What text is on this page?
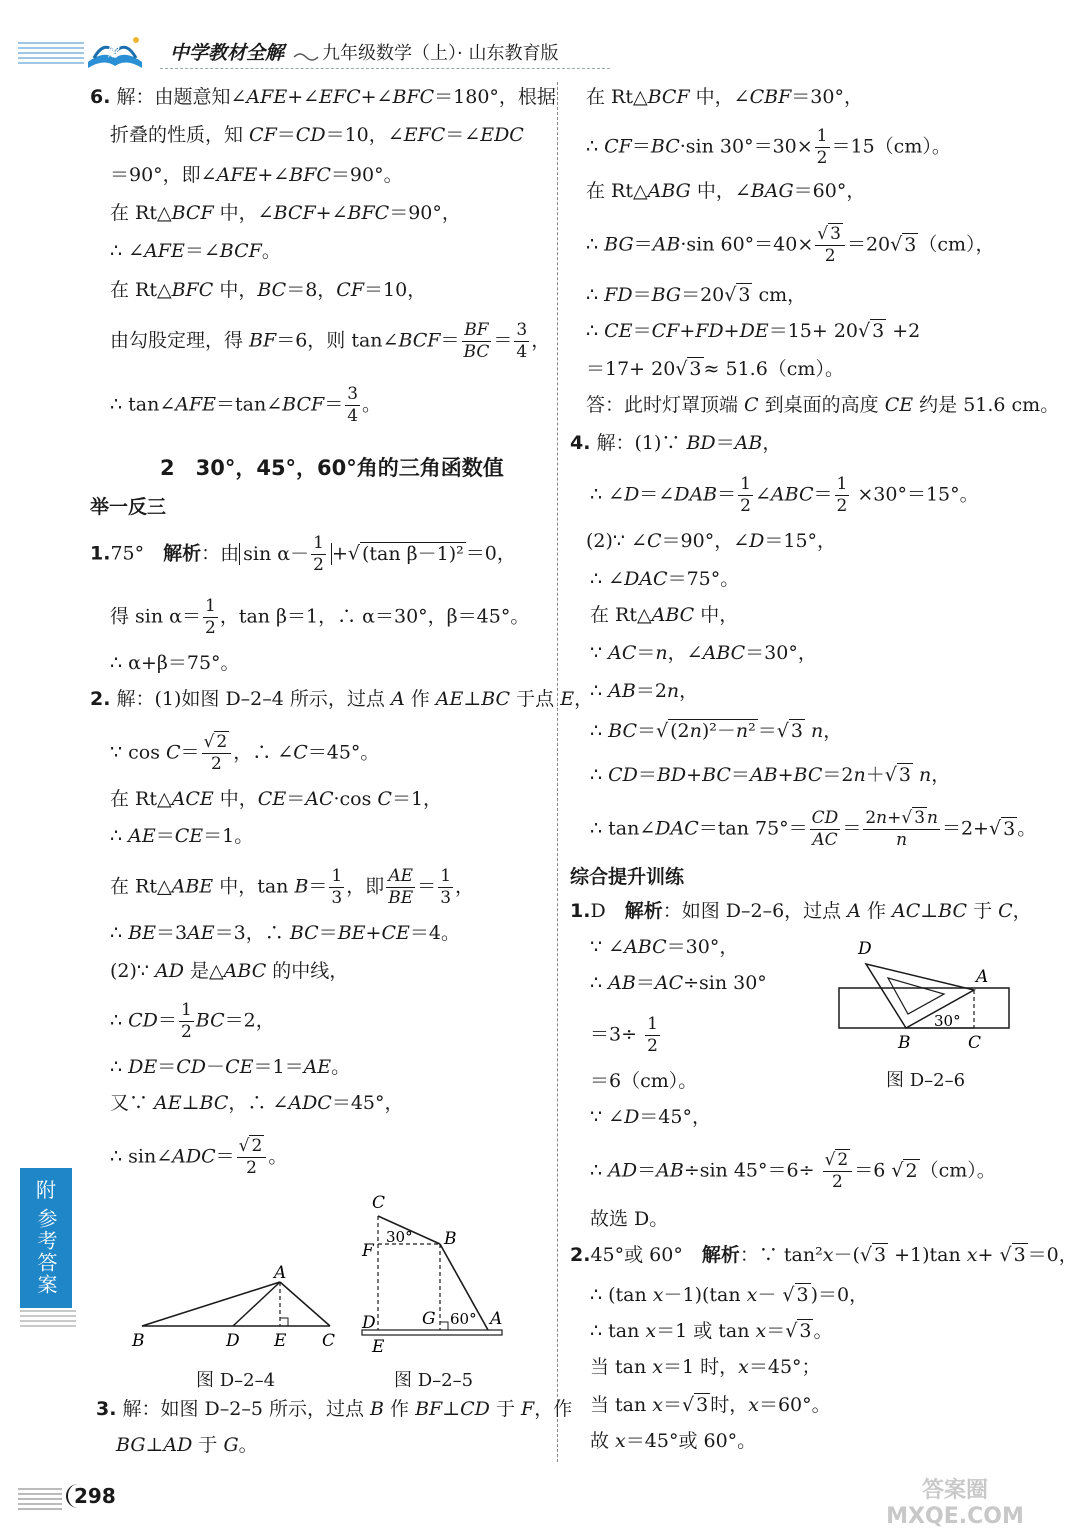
解	中学教材全解 九年级数学（上）· 山东教育版
6. 解：由题意知∠AFE+∠EFC+∠BFC＝180°，根据
折叠的性质，知 CF＝CD＝10，∠EFC＝∠EDC
＝90°，即∠AFE+∠BFC＝90°。
在 Rt△BCF 中，∠BCF+∠BFC＝90°，
∴ ∠AFE＝∠BCF。
在 Rt△BFC 中，BC＝8，CF＝10，
由勾股定理，得 BF＝6，则 tan∠BCF＝ $\frac{BF}{BC} = \frac{3}{4}$ ，
∴ tan∠AFE＝tan∠BCF＝ $\frac{3}{4}$ 。
2　30°，45°，60°角的三角函数值
举一反三
1.75°　解析：由 $\sin \alpha- \frac{1}{2}$ +√ (tan β－1)² ＝0，
得 $\sin \alpha= \frac{1}{2}$ ，tan β＝1，∴ α＝30°，β＝45°。
∴ α+β＝75°。
2. 解：(1)如图 D–2–4 所示，过点 A 作 AE⊥BC 于点 E，
∵ $\cos C= \frac{√ 2}{2}$ ，∴ ∠C＝45°。
在 Rt△ACE 中，CE＝AC·cos C＝1，
∴ AE＝CE＝1。
在 Rt△ABE 中，$\tan B= \frac{1}{3}$ ，即 $\frac{AE}{BE} = \frac{1}{3}$ ，
∴ BE＝3AE＝3，∴ BC＝BE+CE＝4。
(2)∵ AD 是△ABC 的中线，
∴ $CD= \frac{1}{2} BC=2$，
∴ DE＝CD－CE＝1＝AE。
又∵ AE⊥BC，∴ ∠ADC＝45°，
∴ sin∠ADC＝ $\frac{√ 2}{2}$ 。
A
B	D E C
图 D–2–4
C
F
B
30°
D	G 60° A
E
图 D–2–5
3. 解：如图 D–2–5 所示，过点 B 作 BF⊥CD 于 F，作
BG⊥AD 于 G。
附
参考答案
298
在 Rt△BCF 中，∠CBF＝30°，
∴ CF＝BC·sin $30^\circ=30\times \frac{1}{2} =15(cm)$。
在 Rt△ABG 中，∠BAG＝60°，
∴ BG＝AB·sin $60^\circ=40\times \frac{√ 3}{2} =20√$ 3 （cm），
∴ FD＝BG＝20√ 3 cm，
∴ CE＝CF+FD+DE＝15+ 20√ 3 +2
＝17+ 20√ 3 ≈ 51.6（cm）。
答：此时灯罩顶端 C 到桌面的高度 CE 约是 51.6 cm。
4. 解：(1)∵ BD＝AB，
∴ ∠D＝∠DAB＝ $\frac{1}{2}$ ∠ABC＝ $\frac{1}{2} \times 30^\circ=15^\circ$。
(2)∵ ∠C＝90°，∠D＝15°，
∴ ∠DAC＝75°。
在 Rt△ABC 中，
∵ AC＝n，∠ABC＝30°，
∴ AB＝2n，
∴ BC＝√ (2n)²－n² ＝√ 3 n，
∴ CD＝BD+BC＝AB+BC＝2n＋√ 3 n，
∴ tan∠DAC＝tan $75^\circ= \frac{CD}{AC} = \frac{2n+√ 3 n}{n} =2+√$ 3 。
综合提升训练
1.D　解析：如图 D–2–6，过点 A 作 AC⊥BC 于 C，
∵ ∠ABC＝30°，
∴ AB＝AC÷sin 30°
$=3\div \frac{1}{2}$
＝6（cm）。
∵ ∠D＝45°，
∴ AD＝AB÷sin $45^\circ=6\div \frac{√ 2}{2} =6$ √ 2 （cm）。
故选 D。
D
A
30°
B	C
图 D–2–6
2.45°或 60°　解析：∵ tan²x－(√ 3 +1)tan x+ √ 3 ＝0，
∴ (tan x－1)(tan x－ √ 3 )＝0，
∴ tan x＝1 或 tan x＝√ 3 。
当 tan x＝1 时，x＝45°；
当 tan x＝√ 3 时，x＝60°。
故 x＝45°或 60°。
答案圈 MXQE.COM
